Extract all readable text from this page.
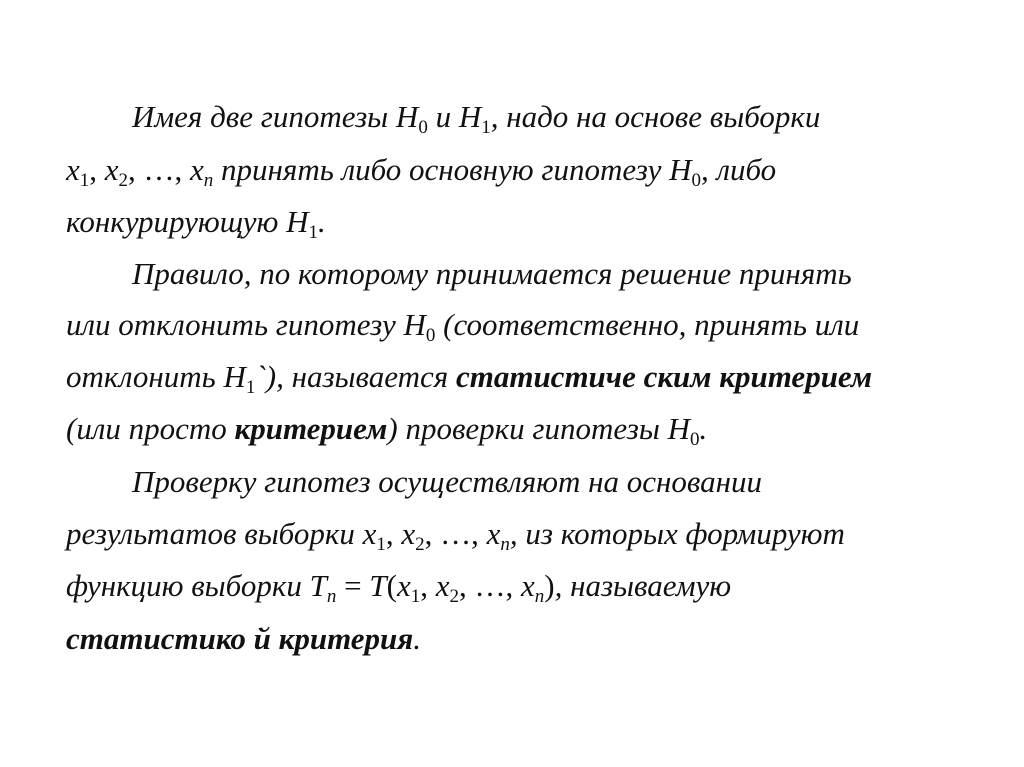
Имея две гипотезы $H_0$ и $H_1$, надо на основе выборки
$x_1$, $x_2$, …, $x_n$ принять либо основную гипотезу $H_0$, либо
конкурирующую $H_1$.
Правило, по которому принимается решение принять
или отклонить гипотезу $H_0$ (соответственно, принять или
отклонить $H_1`$), называется статистиче ским критерием
(или просто критерием) проверки гипотезы $H_0$.
Проверку гипотез осуществляют на основании
результатов выборки $x_1$, $x_2$, …, $x_n$, из которых формируют
функцию выборки $T_n = T(x_1$, $x_2$, …, $x_n$), называемую
статистико й критерия.
